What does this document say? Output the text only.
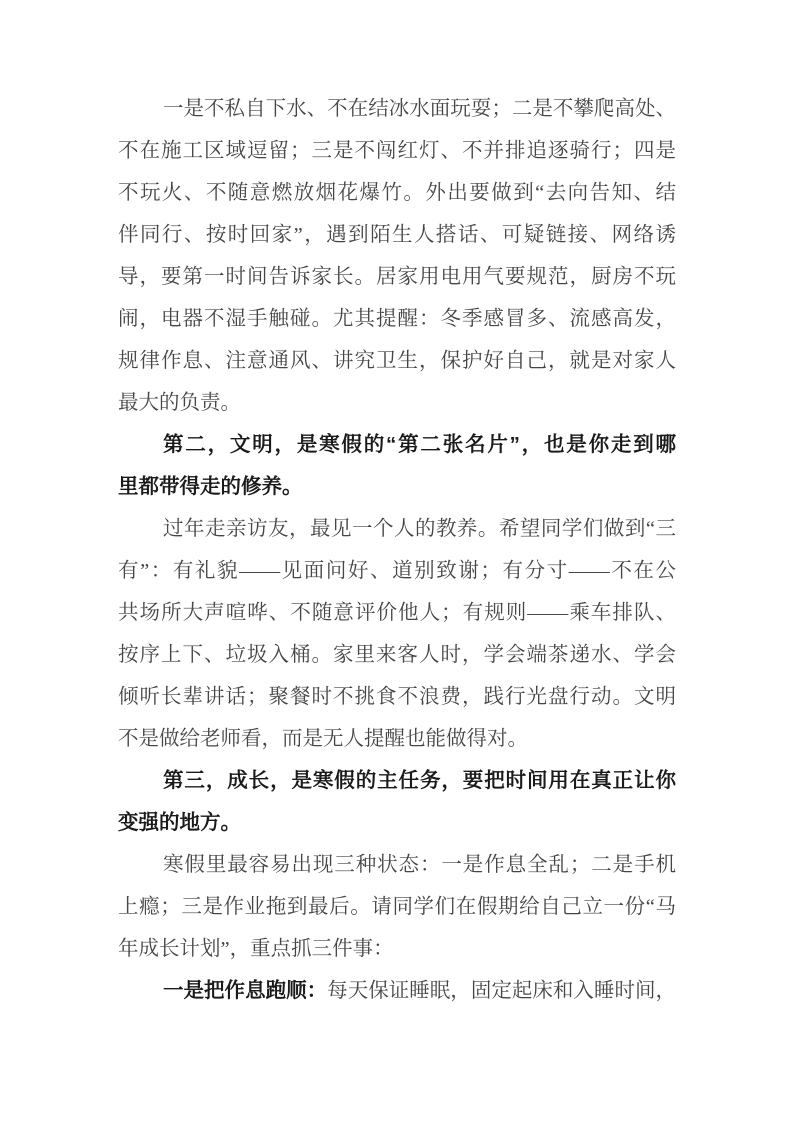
一是不私自下水、不在结冰水面玩耍；二是不攀爬高处、
不在施工区域逗留；三是不闯红灯、不并排追逐骑行；四是
不玩火、不随意燃放烟花爆竹。外出要做到“去向告知、结
伴同行、按时回家”，遇到陌生人搭话、可疑链接、网络诱
导，要第一时间告诉家长。居家用电用气要规范，厨房不玩
闹，电器不湿手触碰。尤其提醒：冬季感冒多、流感高发，
规律作息、注意通风、讲究卫生，保护好自己，就是对家人
最大的负责。
第二，文明，是寒假的“第二张名片”，也是你走到哪
里都带得走的修养。
过年走亲访友，最见一个人的教养。希望同学们做到“三
有”：有礼貌——见面问好、道别致谢；有分寸——不在公
共场所大声喧哗、不随意评价他人；有规则——乘车排队、
按序上下、垃圾入桶。家里来客人时，学会端茶递水、学会
倾听长辈讲话；聚餐时不挑食不浪费，践行光盘行动。文明
不是做给老师看，而是无人提醒也能做得对。
第三，成长，是寒假的主任务，要把时间用在真正让你
变强的地方。
寒假里最容易出现三种状态：一是作息全乱；二是手机
上瘾；三是作业拖到最后。请同学们在假期给自己立一份“马
年成长计划”，重点抓三件事：
一是把作息跑顺：每天保证睡眠，固定起床和入睡时间，
